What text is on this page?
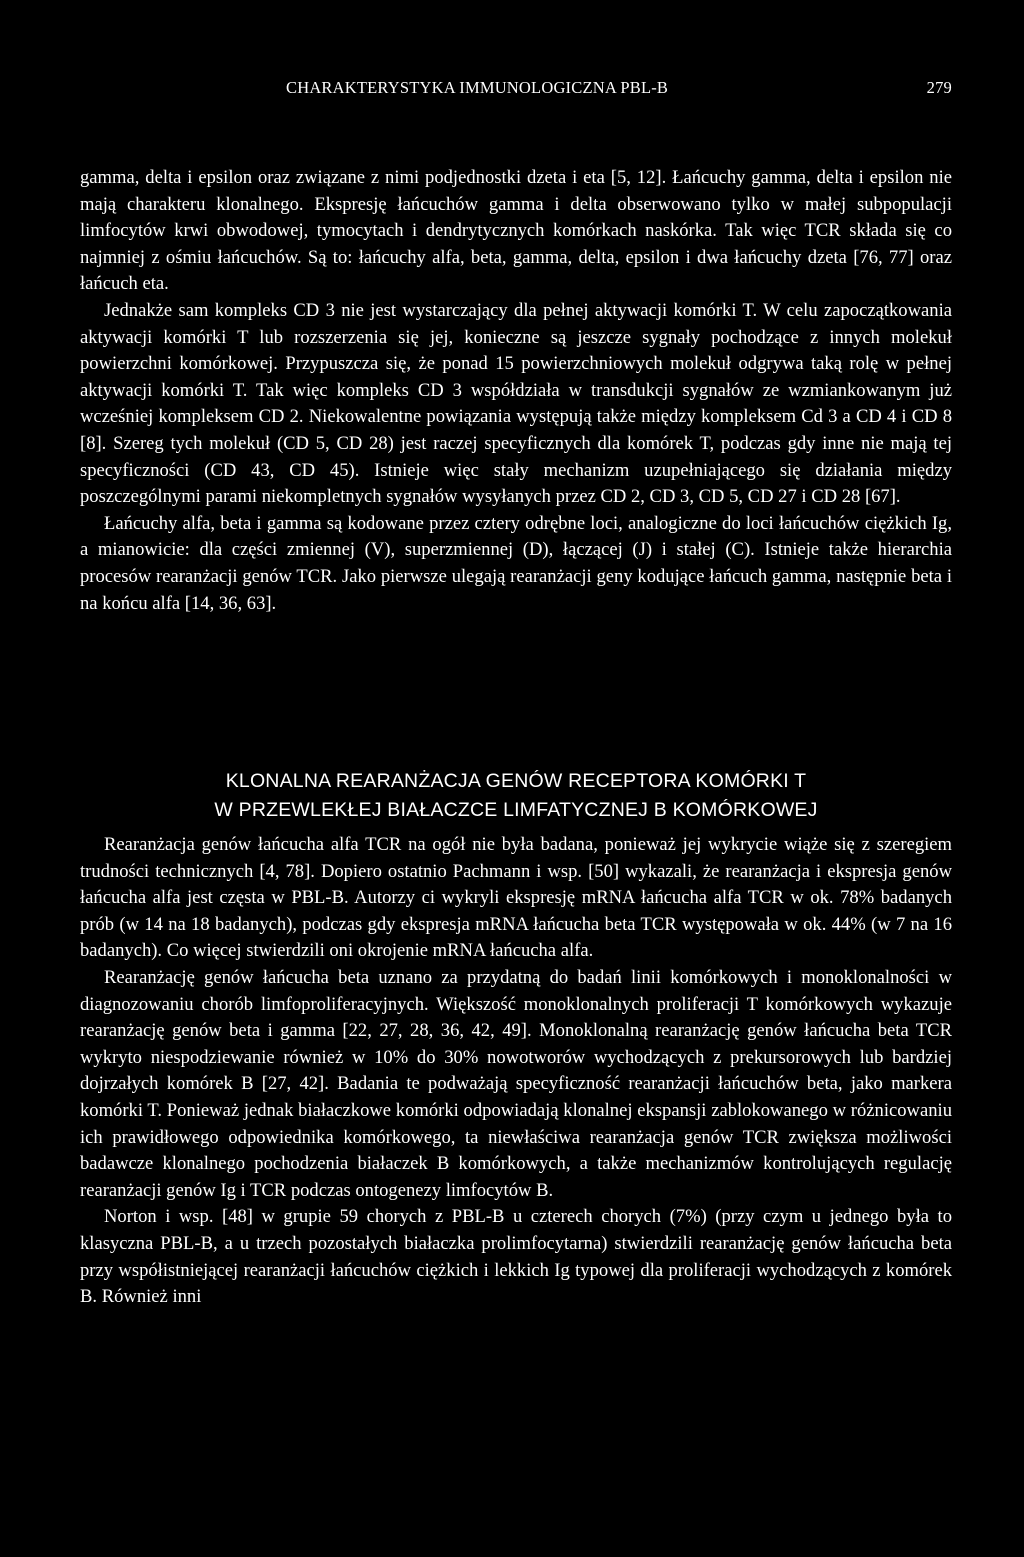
CHARAKTERYSTYKA IMMUNOLOGICZNA PBL-B	279

gamma, delta i epsilon oraz związane z nimi podjednostki dzeta i eta [5, 12]. Łańcuchy gamma, delta i epsilon nie mają charakteru klonalnego. Ekspresję łańcuchów gamma i delta obserwowano tylko w małej subpopulacji limfocytów krwi obwodowej, tymocytach i dendrytycznych komórkach naskórka. Tak więc TCR składa się co najmniej z ośmiu łańcuchów. Są to: łańcuchy alfa, beta, gamma, delta, epsilon i dwa łańcuchy dzeta [76, 77] oraz łańcuch eta.

Jednakże sam kompleks CD 3 nie jest wystarczający dla pełnej aktywacji komórki T. W celu zapoczątkowania aktywacji komórki T lub rozszerzenia się jej, konieczne są jeszcze sygnały pochodzące z innych molekuł powierzchni komórkowej. Przypuszcza się, że ponad 15 powierzchniowych molekuł odgrywa taką rolę w pełnej aktywacji komórki T. Tak więc kompleks CD 3 współdziała w transdukcji sygnałów ze wzmiankowanym już wcześniej kompleksem CD 2. Niekowalentne powiązania występują także między kompleksem Cd 3 a CD 4 i CD 8 [8]. Szereg tych molekuł (CD 5, CD 28) jest raczej specyficznych dla komórek T, podczas gdy inne nie mają tej specyficzności (CD 43, CD 45). Istnieje więc stały mechanizm uzupełniającego się działania między poszczególnymi parami niekompletnych sygnałów wysyłanych przez CD 2, CD 3, CD 5, CD 27 i CD 28 [67].

Łańcuchy alfa, beta i gamma są kodowane przez cztery odrębne loci, analogiczne do loci łańcuchów ciężkich Ig, a mianowicie: dla części zmiennej (V), superzmiennej (D), łączącej (J) i stałej (C). Istnieje także hierarchia procesów rearanżacji genów TCR. Jako pierwsze ulegają rearanżacji geny kodujące łańcuch gamma, następnie beta i na końcu alfa [14, 36, 63].

KLONALNA REARANŻACJA GENÓW RECEPTORA KOMÓRKI T
W PRZEWLEKŁEJ BIAŁACZCE LIMFATYCZNEJ B KOMÓRKOWEJ

Rearanżacja genów łańcucha alfa TCR na ogół nie była badana, ponieważ jej wykrycie wiąże się z szeregiem trudności technicznych [4, 78]. Dopiero ostatnio Pachmann i wsp. [50] wykazali, że rearanżacja i ekspresja genów łańcucha alfa jest częsta w PBL-B. Autorzy ci wykryli ekspresję mRNA łańcucha alfa TCR w ok. 78% badanych prób (w 14 na 18 badanych), podczas gdy ekspresja mRNA łańcucha beta TCR występowała w ok. 44% (w 7 na 16 badanych). Co więcej stwierdzili oni okrojenie mRNA łańcucha alfa.

Rearanżację genów łańcucha beta uznano za przydatną do badań linii komórkowych i monoklonalności w diagnozowaniu chorób limfoproliferacyjnych. Większość monoklonalnych proliferacji T komórkowych wykazuje rearanżację genów beta i gamma [22, 27, 28, 36, 42, 49]. Monoklonalną rearanżację genów łańcucha beta TCR wykryto niespodziewanie również w 10% do 30% nowotworów wychodzących z prekursorowych lub bardziej dojrzałych komórek B [27, 42]. Badania te podważają specyficzność rearanżacji łańcuchów beta, jako markera komórki T. Ponieważ jednak białaczkowe komórki odpowiadają klonalnej ekspansji zablokowanego w różnicowaniu ich prawidłowego odpowiednika komórkowego, ta niewłaściwa rearanżacja genów TCR zwiększa możliwości badawcze klonalnego pochodzenia białaczek B komórkowych, a także mechanizmów kontrolujących regulację rearanżacji genów Ig i TCR podczas ontogenezy limfocytów B.

Norton i wsp. [48] w grupie 59 chorych z PBL-B u czterech chorych (7%) (przy czym u jednego była to klasyczna PBL-B, a u trzech pozostałych białaczka prolimfocytarna) stwierdzili rearanżację genów łańcucha beta przy współistniejącej rearanżacji łańcuchów ciężkich i lekkich Ig typowej dla proliferacji wychodzących z komórek B. Również inni
